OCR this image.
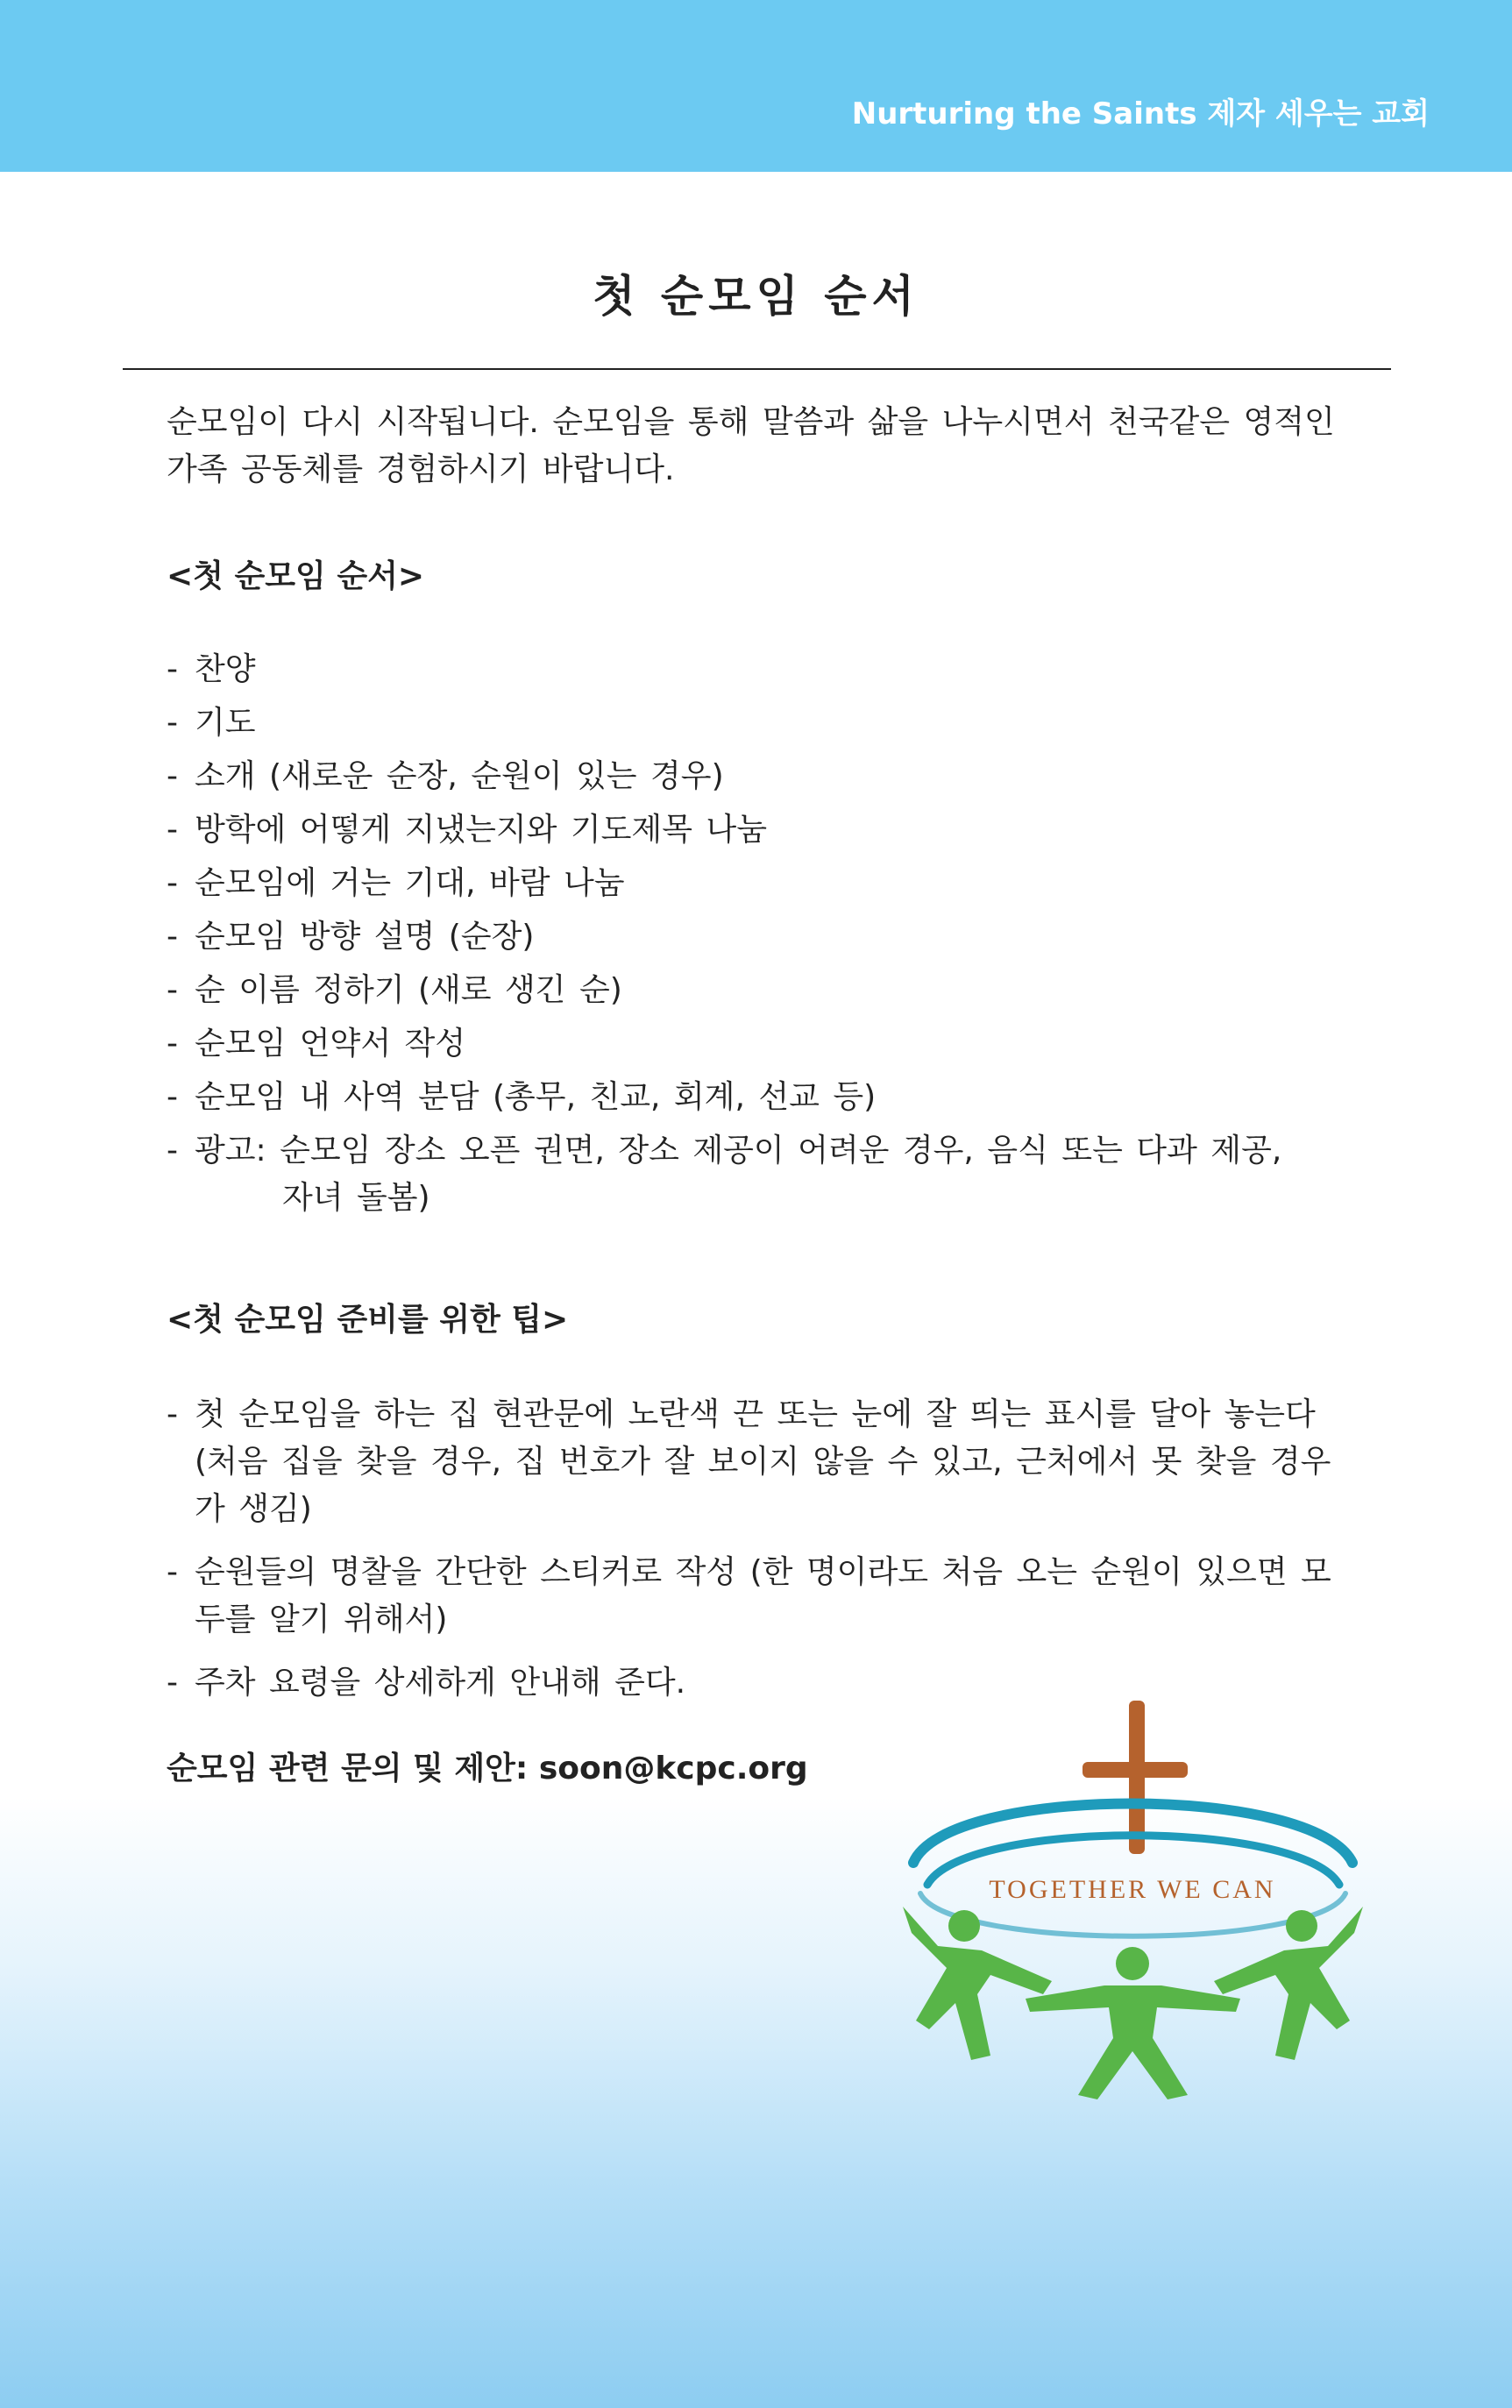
Nurturing the Saints 제자 세우는 교회
첫 순모임 순서

순모임이 다시 시작됩니다. 순모임을 통해 말씀과 삶을 나누시면서 천국같은 영적인 가족 공동체를 경험하시기 바랍니다.

<첫 순모임 순서>
- 찬양
- 기도
- 소개 (새로운 순장, 순원이 있는 경우)
- 방학에 어떻게 지냈는지와 기도제목 나눔
- 순모임에 거는 기대, 바람 나눔
- 순모임 방향 설명 (순장)
- 순 이름 정하기 (새로 생긴 순)
- 순모임 언약서 작성
- 순모임 내 사역 분담 (총무, 친교, 회계, 선교 등)
- 광고: 순모임 장소 오픈 권면, 장소 제공이 어려운 경우, 음식 또는 다과 제공,
자녀 돌봄)
<첫 순모임 준비를 위한 팁>
- 첫 순모임을 하는 집 현관문에 노란색 끈 또는 눈에 잘 띄는 표시를 달아 놓는다 (처음 집을 찾을 경우, 집 번호가 잘 보이지 않을 수 있고, 근처에서 못 찾을 경우가 생김)
- 순원들의 명찰을 간단한 스티커로 작성 (한 명이라도 처음 오는 순원이 있으면 모두를 알기 위해서)
- 주차 요령을 상세하게 안내해 준다.
순모임 관련 문의 및 제안: soon@kcpc.org
TOGETHER WE CAN
